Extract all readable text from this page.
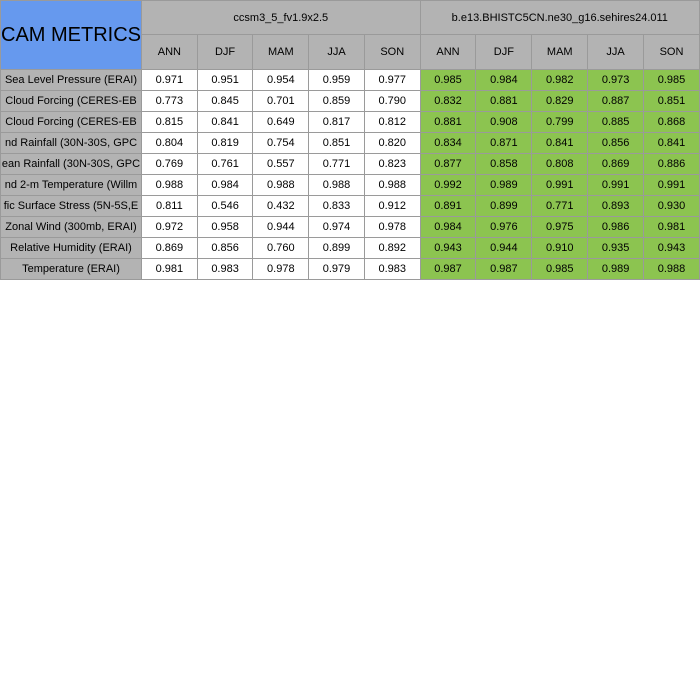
CAM METRICS	ccsm3_5_fv1.9x2.5					b.e13.BHISTC5CN.ne30_g16.sehires24.011				
	ANN	DJF	MAM	JJA	SON	ANN	DJF	MAM	JJA	SON

Sea Level Pressure (ERAI)	0.971	0.951	0.954	0.959	0.977	0.985	0.984	0.982	0.973	0.985

Cloud Forcing (CERES-EB	0.773	0.845	0.701	0.859	0.790	0.832	0.881	0.829	0.887	0.851

Cloud Forcing (CERES-EB	0.815	0.841	0.649	0.817	0.812	0.881	0.908	0.799	0.885	0.868

nd Rainfall (30N-30S, GPC	0.804	0.819	0.754	0.851	0.820	0.834	0.871	0.841	0.856	0.841

ean Rainfall (30N-30S, GPC	0.769	0.761	0.557	0.771	0.823	0.877	0.858	0.808	0.869	0.886

nd 2-m Temperature (Willm	0.988	0.984	0.988	0.988	0.988	0.992	0.989	0.991	0.991	0.991

fic Surface Stress (5N-5S,E	0.811	0.546	0.432	0.833	0.912	0.891	0.899	0.771	0.893	0.930

Zonal Wind (300mb, ERAI)	0.972	0.958	0.944	0.974	0.978	0.984	0.976	0.975	0.986	0.981

Relative Humidity (ERAI)	0.869	0.856	0.760	0.899	0.892	0.943	0.944	0.910	0.935	0.943

Temperature (ERAI)	0.981	0.983	0.978	0.979	0.983	0.987	0.987	0.985	0.989	0.988
